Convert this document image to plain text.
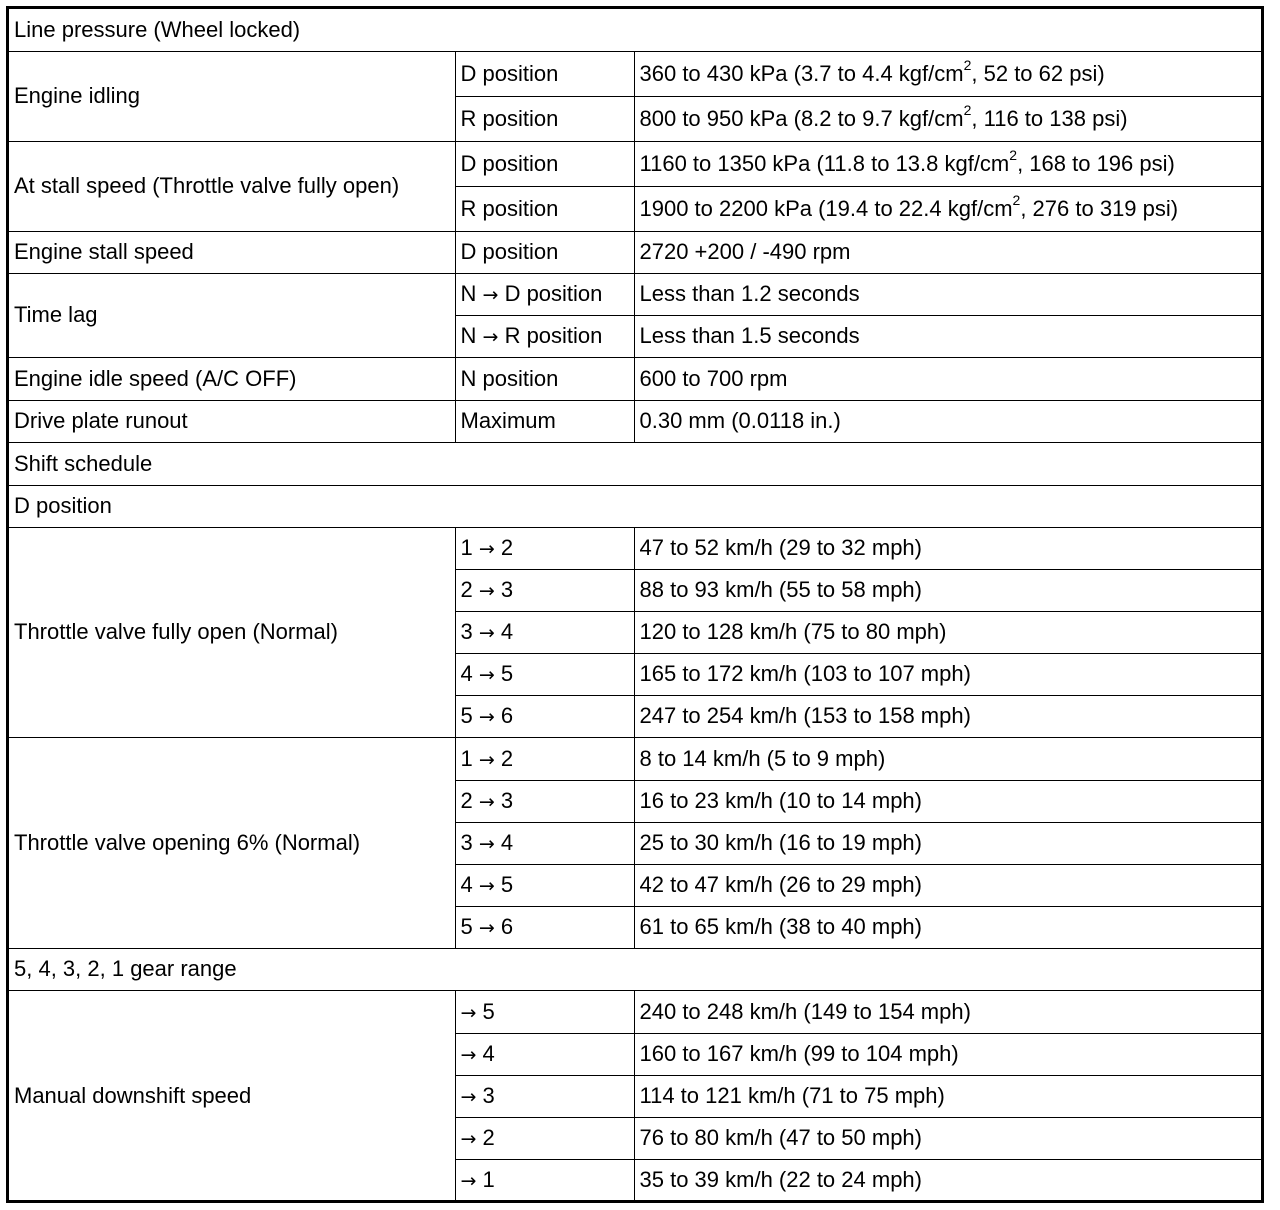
Line pressure (Wheel locked)		
Engine idling	D position	360 to 430 kPa (3.7 to 4.4 kgf/$cm^2$, 52 to 62 psi)
	R position	800 to 950 kPa (8.2 to 9.7 kgf/$cm^2$, 116 to 138 psi)
At stall speed (Throttle valve fully open)	D position	1160 to 1350 kPa (11.8 to 13.8 kgf/$cm^2$, 168 to 196 psi)
	R position	1900 to 2200 kPa (19.4 to 22.4 kgf/$cm^2$, 276 to 319 psi)
Engine stall speed	D position	2720 +200 / -490 rpm
Time lag	N → D position	Less than 1.2 seconds
	N → R position	Less than 1.5 seconds
Engine idle speed (A/C OFF)	N position	600 to 700 rpm
Drive plate runout	Maximum	0.30 mm (0.0118 in.)
Shift schedule		
D position		
Throttle valve fully open (Normal)	1 → 2	47 to 52 km/h (29 to 32 mph)
	2 → 3	88 to 93 km/h (55 to 58 mph)
	3 → 4	120 to 128 km/h (75 to 80 mph)
	4 → 5	165 to 172 km/h (103 to 107 mph)
	5 → 6	247 to 254 km/h (153 to 158 mph)
Throttle valve opening 6% (Normal)	1 → 2	8 to 14 km/h (5 to 9 mph)
	2 → 3	16 to 23 km/h (10 to 14 mph)
	3 → 4	25 to 30 km/h (16 to 19 mph)
	4 → 5	42 to 47 km/h (26 to 29 mph)
	5 → 6	61 to 65 km/h (38 to 40 mph)
5, 4, 3, 2, 1 gear range		
Manual downshift speed	→ 5	240 to 248 km/h (149 to 154 mph)
	→ 4	160 to 167 km/h (99 to 104 mph)
	→ 3	114 to 121 km/h (71 to 75 mph)
	→ 2	76 to 80 km/h (47 to 50 mph)
	→ 1	35 to 39 km/h (22 to 24 mph)
